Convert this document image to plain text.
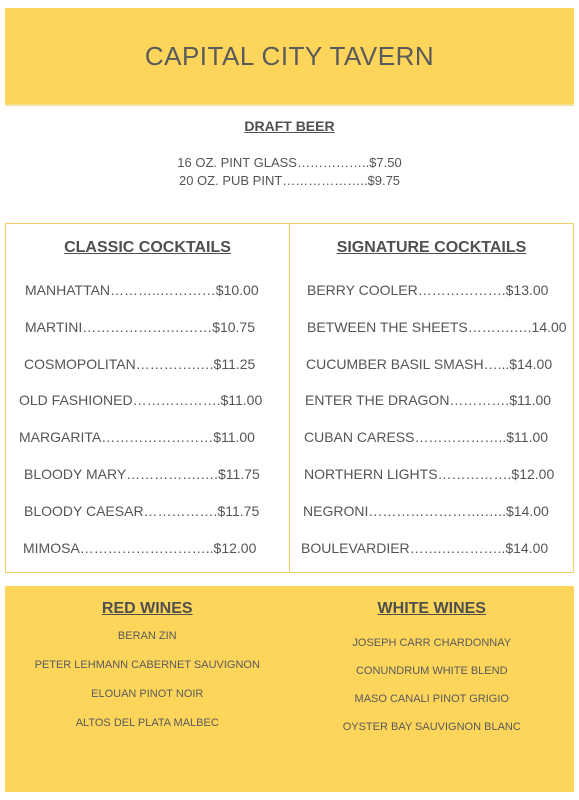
CAPITAL CITY TAVERN
DRAFT BEER
16 OZ. PINT GLASS……………..$7.50
20 OZ. PUB PINT………………..$9.75
CLASSIC COCKTAILS
MANHATTAN………..…………$10.00
MARTINI……………….………$10.75
COSMOPOLITAN………….….$11.25
OLD FASHIONED……………….$11.00
MARGARITA……………………$11.00
BLOODY MARY…………….….$11.75
BLOODY CAESAR…………….$11.75
MIMOSA………………………..$12.00
SIGNATURE COCKTAILS
BERRY COOLER……………….$13.00
BETWEEN THE SHEETS……….….14.00
CUCUMBER BASIL SMASH…...$14.00
ENTER THE DRAGON………….$11.00
CUBAN CARESS………………..$11.00
NORTHERN LIGHTS…………….$12.00
NEGRONI…………………….…..$14.00
BOULEVARDIER…….…………..$14.00
RED WINES
BERAN ZIN
PETER LEHMANN CABERNET SAUVIGNON
ELOUAN PINOT NOIR
ALTOS DEL PLATA MALBEC
WHITE WINES
JOSEPH CARR CHARDONNAY
CONUNDRUM WHITE BLEND
MASO CANALI PINOT GRIGIO
OYSTER BAY SAUVIGNON BLANC
